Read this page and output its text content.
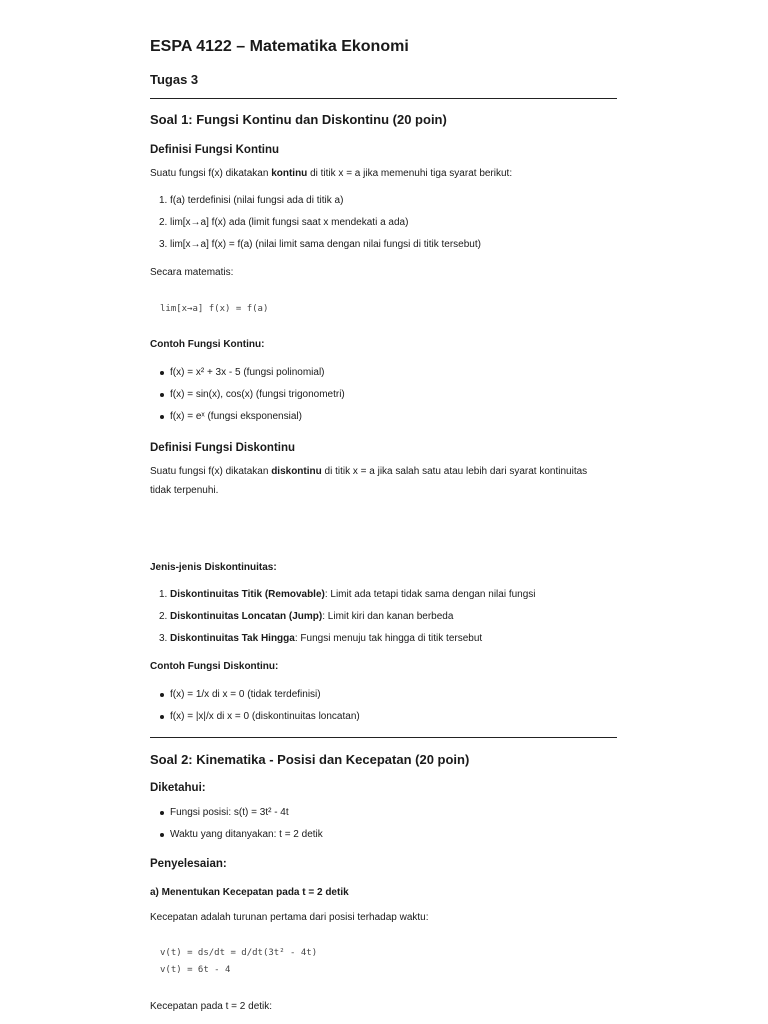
ESPA 4122 – Matematika Ekonomi
Tugas 3
Soal 1: Fungsi Kontinu dan Diskontinu (20 poin)
Definisi Fungsi Kontinu
Suatu fungsi f(x) dikatakan kontinu di titik x = a jika memenuhi tiga syarat berikut:
1. f(a) terdefinisi (nilai fungsi ada di titik a)
2. lim[x→a] f(x) ada (limit fungsi saat x mendekati a ada)
3. lim[x→a] f(x) = f(a) (nilai limit sama dengan nilai fungsi di titik tersebut)
Secara matematis:
lim[x→a] f(x) = f(a)
Contoh Fungsi Kontinu:
f(x) = x² + 3x - 5 (fungsi polinomial)
f(x) = sin(x), cos(x) (fungsi trigonometri)
f(x) = eˣ (fungsi eksponensial)
Definisi Fungsi Diskontinu
Suatu fungsi f(x) dikatakan diskontinu di titik x = a jika salah satu atau lebih dari syarat kontinuitas
tidak terpenuhi.
Jenis-jenis Diskontinuitas:
1. Diskontinuitas Titik (Removable): Limit ada tetapi tidak sama dengan nilai fungsi
2. Diskontinuitas Loncatan (Jump): Limit kiri dan kanan berbeda
3. Diskontinuitas Tak Hingga: Fungsi menuju tak hingga di titik tersebut
Contoh Fungsi Diskontinu:
f(x) = 1/x di x = 0 (tidak terdefinisi)
f(x) = |x|/x di x = 0 (diskontinuitas loncatan)
Soal 2: Kinematika - Posisi dan Kecepatan (20 poin)
Diketahui:
Fungsi posisi: s(t) = 3t² - 4t
Waktu yang ditanyakan: t = 2 detik
Penyelesaian:
a) Menentukan Kecepatan pada t = 2 detik
Kecepatan adalah turunan pertama dari posisi terhadap waktu:
v(t) = ds/dt = d/dt(3t² - 4t)
v(t) = 6t - 4
Kecepatan pada t = 2 detik:
